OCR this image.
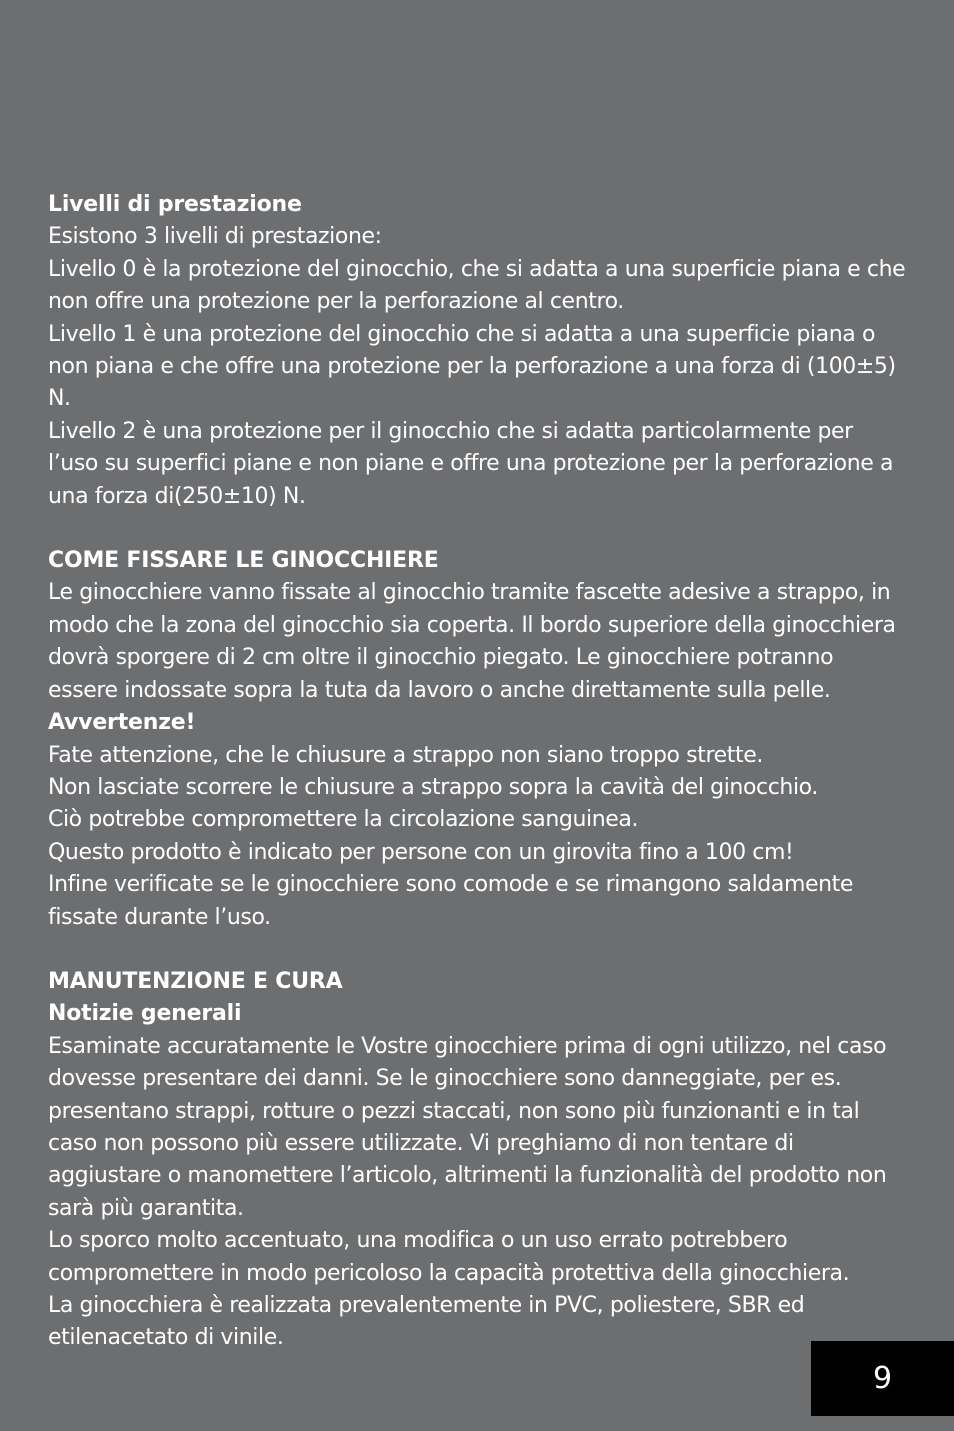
Livelli di prestazione

Esistono 3 livelli di prestazione:

Livello 0 è la protezione del ginocchio, che si adatta a una superficie piana e che non offre una protezione per la perforazione al centro.

Livello 1 è una protezione del ginocchio che si adatta a una superficie piana o non piana e che offre una protezione per la perforazione a una forza di (100±5) N.

Livello 2 è una protezione per il ginocchio che si adatta particolarmente per l’uso su superfici piane e non piane e offre una protezione per la perforazione a una forza di(250±10) N.

COME FISSARE LE GINOCCHIERE

Le ginocchiere vanno fissate al ginocchio tramite fascette adesive a strappo, in modo che la zona del ginocchio sia coperta. Il bordo superiore della ginocchiera dovrà sporgere di 2 cm oltre il ginocchio piegato. Le ginocchiere potranno essere indossate sopra la tuta da lavoro o anche direttamente sulla pelle.

Avvertenze!

Fate attenzione, che le chiusure a strappo non siano troppo strette.

Non lasciate scorrere le chiusure a strappo sopra la cavità del ginocchio.

Ciò potrebbe compromettere la circolazione sanguinea.

Questo prodotto è indicato per persone con un girovita fino a 100 cm!

Infine verificate se le ginocchiere sono comode e se rimangono saldamente fissate durante l’uso.

MANUTENZIONE E CURA

Notizie generali

Esaminate accuratamente le Vostre ginocchiere prima di ogni utilizzo, nel caso dovesse presentare dei danni. Se le ginocchiere sono danneggiate, per es. presentano strappi, rotture o pezzi staccati, non sono più funzionanti e in tal caso non possono più essere utilizzate. Vi preghiamo di non tentare di aggiustare o manomettere l’articolo, altrimenti la funzionalità del prodotto non sarà più garantita.

Lo sporco molto accentuato, una modifica o un uso errato potrebbero compromettere in modo pericoloso la capacità protettiva della ginocchiera.

La ginocchiera è realizzata prevalentemente in PVC, poliestere, SBR ed etilenacetato di vinile.

9
